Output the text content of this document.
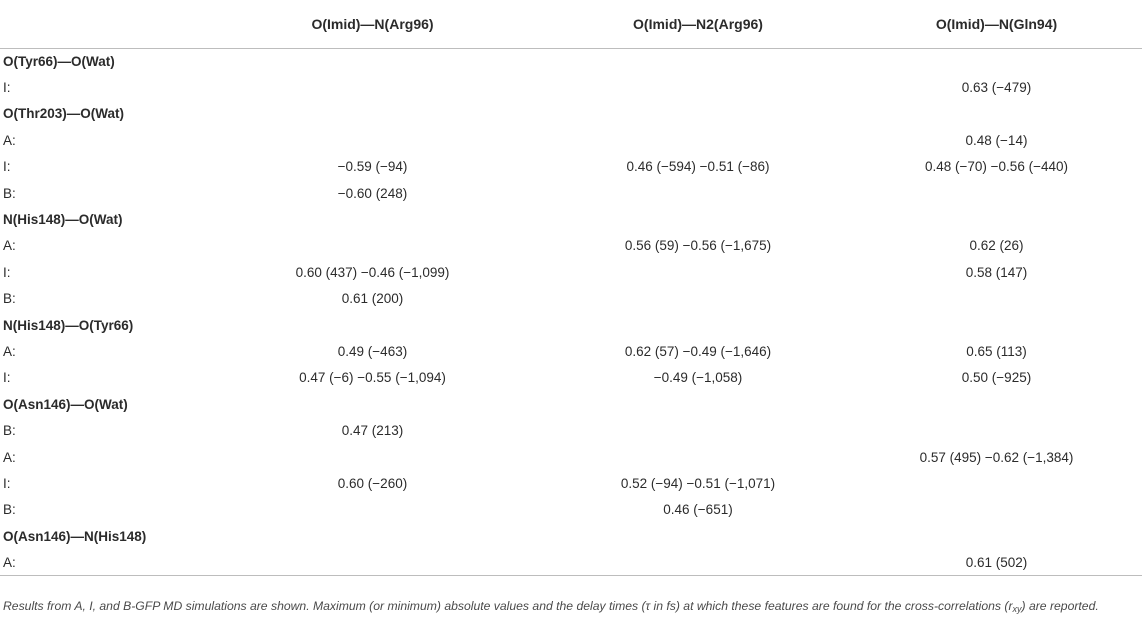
	O(Imid)—N(Arg96)	O(Imid)—N2(Arg96)	O(Imid)—N(Gln94)
O(Tyr66)—O(Wat)			
I:			0.63 (−479)
O(Thr203)—O(Wat)			
A:			0.48 (−14)
I:	−0.59 (−94)	0.46 (−594) −0.51 (−86)	0.48 (−70) −0.56 (−440)
B:	−0.60 (248)		
N(His148)—O(Wat)			
A:		0.56 (59) −0.56 (−1,675)	0.62 (26)
I:	0.60 (437) −0.46 (−1,099)		0.58 (147)
B:	0.61 (200)		
N(His148)—O(Tyr66)			
A:	0.49 (−463)	0.62 (57) −0.49 (−1,646)	0.65 (113)
I:	0.47 (−6) −0.55 (−1,094)	−0.49 (−1,058)	0.50 (−925)
O(Asn146)—O(Wat)			
B:	0.47 (213)		
A:			0.57 (495) −0.62 (−1,384)
I:	0.60 (−260)	0.52 (−94) −0.51 (−1,071)	
B:		0.46 (−651)	
O(Asn146)—N(His148)			
A:			0.61 (502)
Results from A, I, and B-GFP MD simulations are shown. Maximum (or minimum) absolute values and the delay times (τ in fs) at which these features are found for the cross-correlations $(r_{xy})$ are reported.
